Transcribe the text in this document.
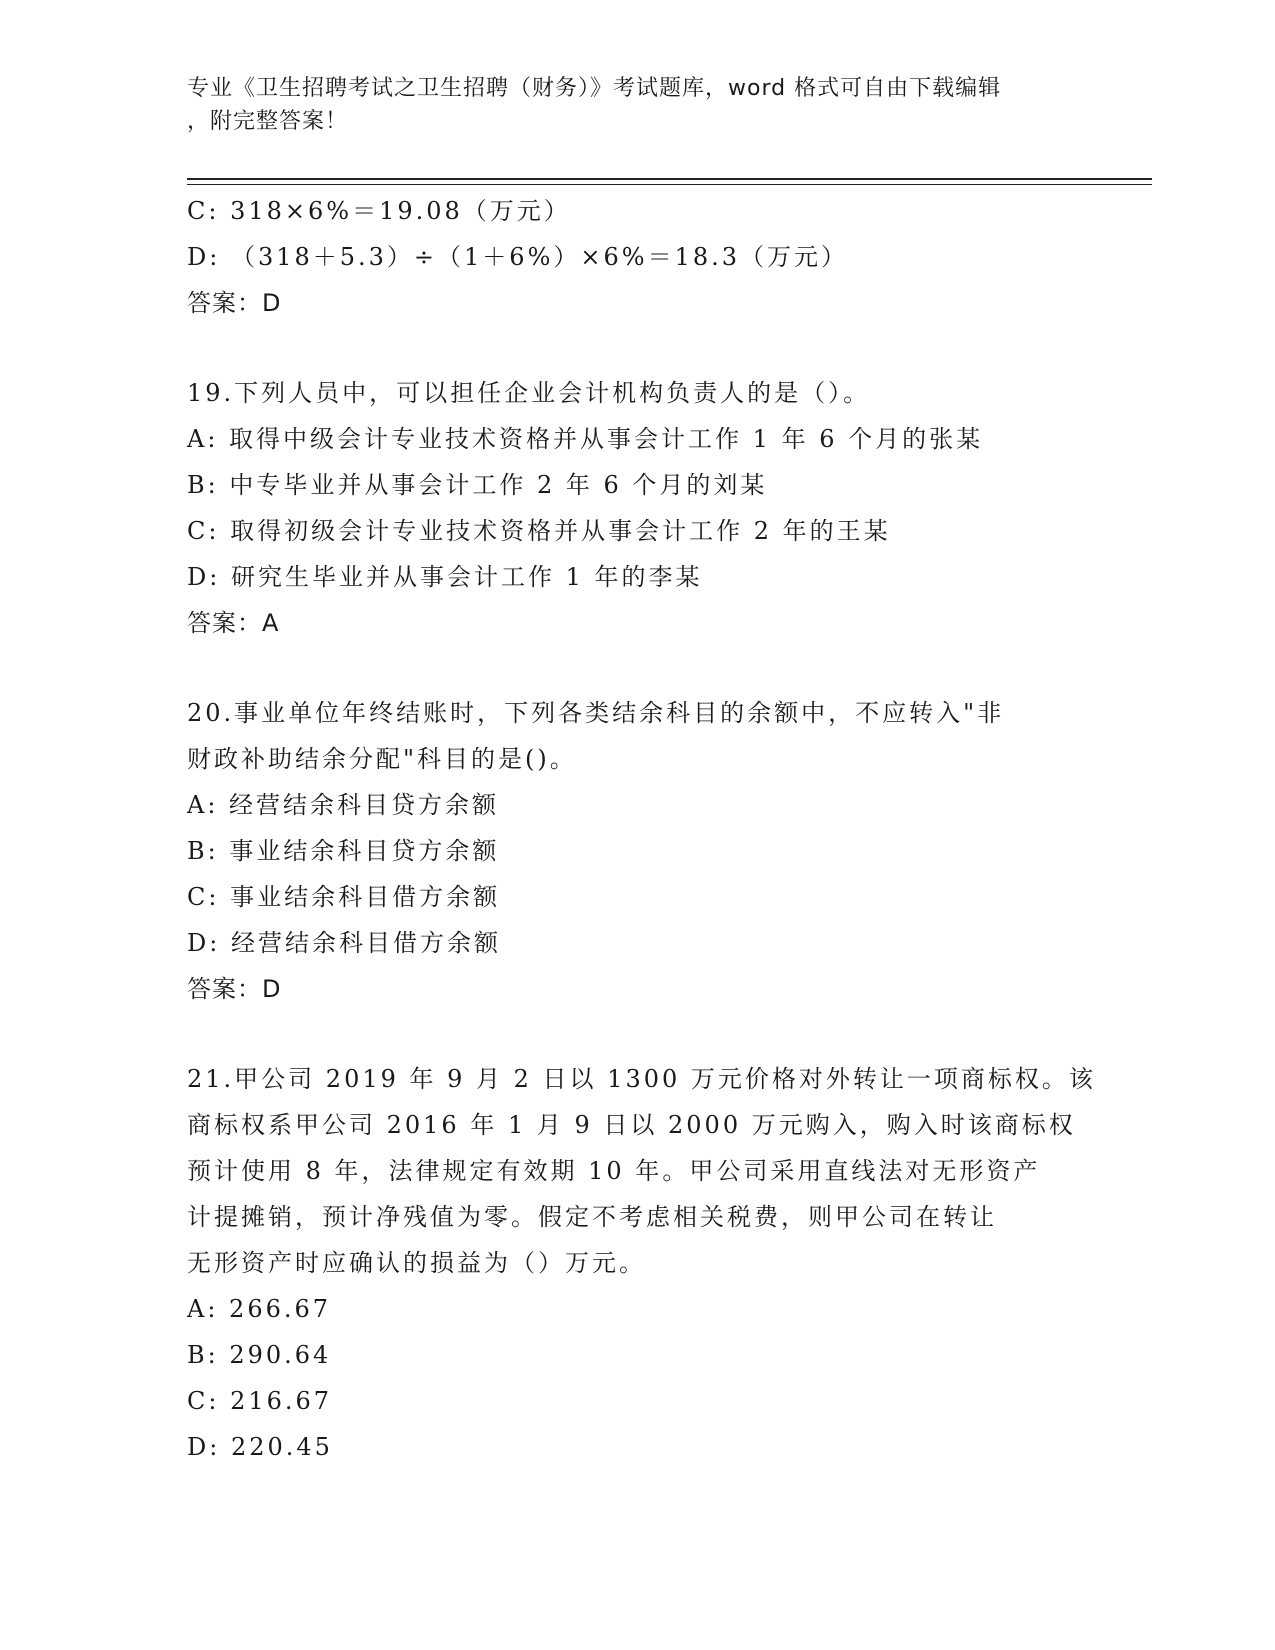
专业《卫生招聘考试之卫生招聘（财务）》考试题库，word 格式可自由下载编辑
，附完整答案！
C: 318×6%＝19.08（万元）
D: （318＋5.3）÷（1＋6%）×6%＝18.3（万元）
答案：D
19.下列人员中，可以担任企业会计机构负责人的是（）。
A: 取得中级会计专业技术资格并从事会计工作 1 年 6 个月的张某
B: 中专毕业并从事会计工作 2 年 6 个月的刘某
C: 取得初级会计专业技术资格并从事会计工作 2 年的王某
D: 研究生毕业并从事会计工作 1 年的李某
答案：A
20.事业单位年终结账时，下列各类结余科目的余额中，不应转入"非
财政补助结余分配"科目的是()。
A: 经营结余科目贷方余额
B: 事业结余科目贷方余额
C: 事业结余科目借方余额
D: 经营结余科目借方余额
答案：D
21.甲公司 2019 年 9 月 2 日以 1300 万元价格对外转让一项商标权。该
商标权系甲公司 2016 年 1 月 9 日以 2000 万元购入，购入时该商标权
预计使用 8 年，法律规定有效期 10 年。甲公司采用直线法对无形资产
计提摊销，预计净残值为零。假定不考虑相关税费，则甲公司在转让
无形资产时应确认的损益为（）万元。
A: 266.67
B: 290.64
C: 216.67
D: 220.45
